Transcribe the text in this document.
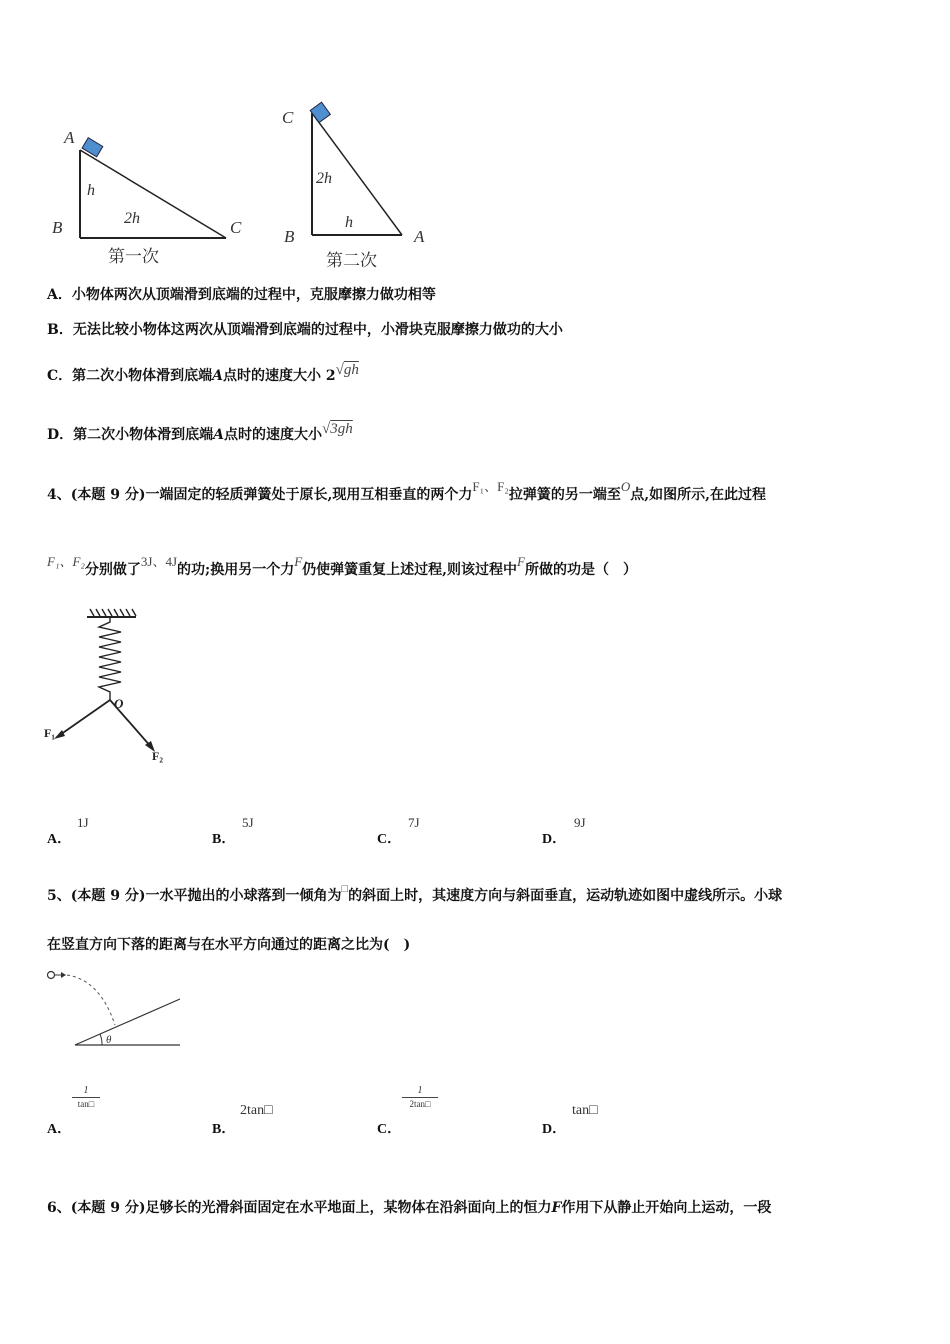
A
B	C
h
2h
第一次
C
B	A
2h
h
第二次
A．小物体两次从顶端滑到底端的过程中，克服摩擦力做功相等
B．无法比较小物体这两次从顶端滑到底端的过程中，小滑块克服摩擦力做功的大小
C．第二次小物体滑到底端A点时的速度大小 2√gh
D．第二次小物体滑到底端A点时的速度大小√3gh
4、(本题 9 分)一端固定的轻质弹簧处于原长,现用互相垂直的两个力F₁、F₂拉弹簧的另一端至O点,如图所示,在此过程
F₁、F₂分别做了3J、4J的功;换用另一个力F仍使弹簧重复上述过程,则该过程中F所做的功是（　）
O
F₁
F₂
A．
1J
B．
5J
C．
7J
D．
9J
5、(本题 9 分)一水平抛出的小球落到一倾角为□的斜面上时，其速度方向与斜面垂直，运动轨迹如图中虚线所示。小球
在竖直方向下落的距离与在水平方向通过的距离之比为(　)
θ
A．
1
tan□
B．
2tan□
C．
1
2tan□
D．
tan□
6、(本题 9 分)足够长的光滑斜面固定在水平地面上，某物体在沿斜面向上的恒力F作用下从静止开始向上运动，一段
